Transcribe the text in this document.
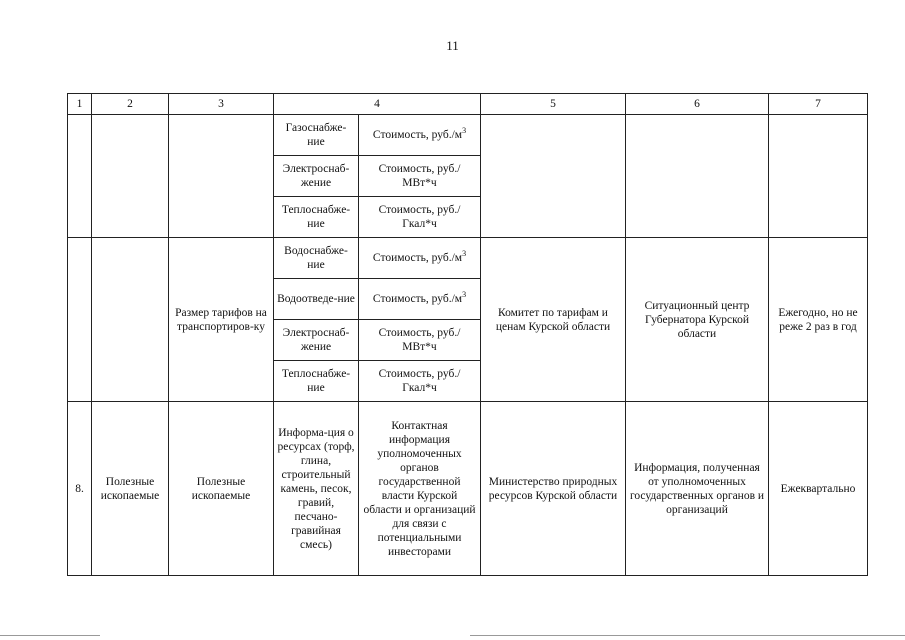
11
1	2	3	4		5	6	7
			Газоснабже-ние	Стоимость, $руб./м^3$			
			Электроснаб-жение	Стоимость, руб./МВт*ч			
			Теплоснабже-ние	Стоимость, руб./Гкал*ч			
		Размер тарифов на транспортиров-ку	Водоснабже-ние	Стоимость, $руб./м^3$	Комитет по тарифам и ценам Курской области	Ситуационный центр Губернатора Курской области	Ежегодно, но не реже 2 раз в год
			Водоотведе-ние	Стоимость, $руб./м^3$
			Электроснаб-жение	Стоимость, руб./МВт*ч			
			Теплоснабже-ние	Стоимость, руб./Гкал*ч			
8.	Полезные ископаемые	Полезные ископаемые	Информа-ция о ресурсах (торф, глина, строительный камень, песок, гравий, песчано-гравийная смесь)	Контактная информация уполномоченных органов государственной власти Курской области и организаций для связи с потенциальными инвесторами	Министерство природных ресурсов Курской области	Информация, полученная от уполномоченных государственных органов и организаций	Ежеквартально
